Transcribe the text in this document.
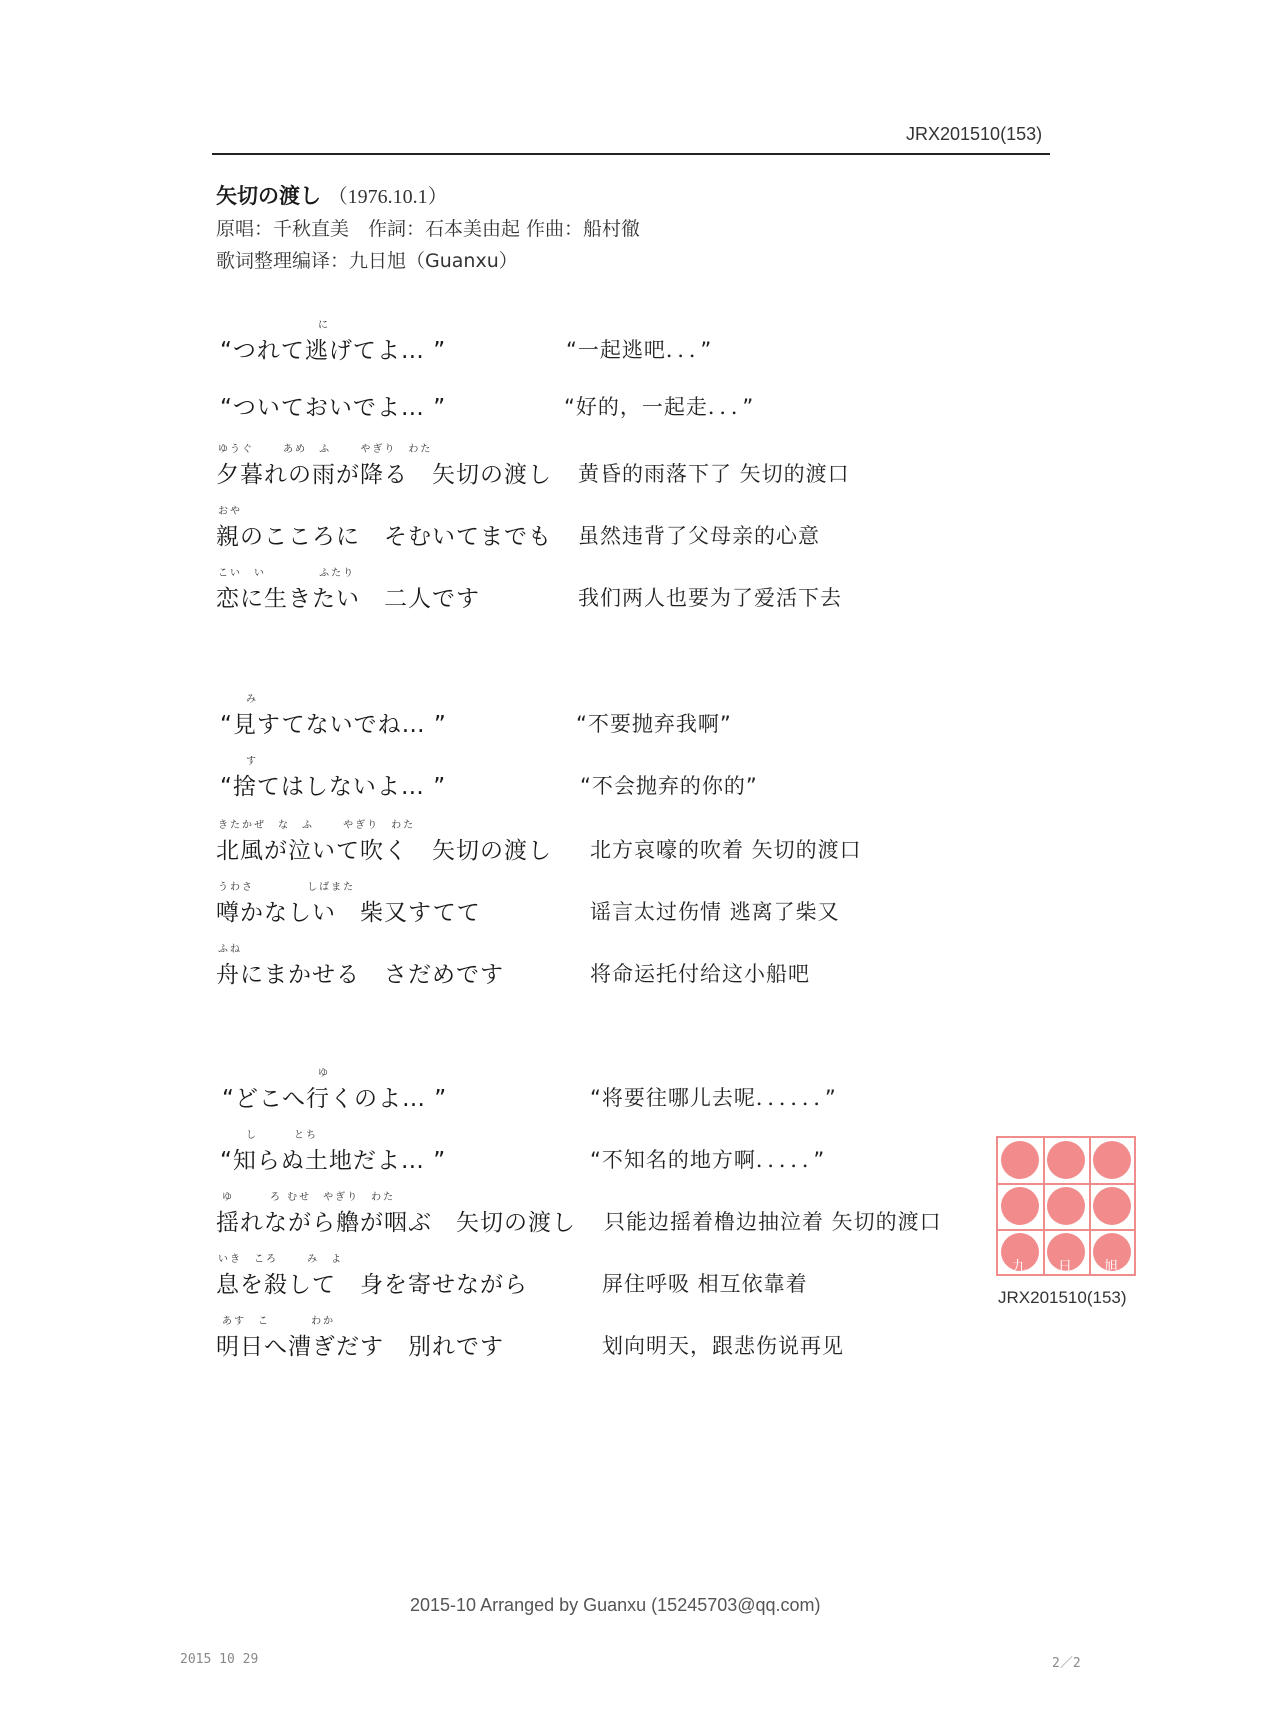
JRX201510(153)
矢切の渡し （1976.10.1）
原唱：千秋直美　作詞：石本美由起 作曲：船村徹
歌词整理编译：九日旭（Guanxu）
に
“つれて逃げてよ… ”	“一起逃吧．．．”
“ついておいでよ… ”	“好的，一起走．．．”
ゆうぐ　　 あめ　ふ　　 やぎり　わた
夕暮れの雨が降る　矢切の渡し 黄昏的雨落下了 矢切的渡口
おや
親のこころに　そむいてまでも 虽然违背了父母亲的心意
こい　い　　　　 ふたり
恋に生きたい　二人です	我们两人也要为了爱活下去
み
“見すてないでね… ”	“不要抛弃我啊”
す
“捨てはしないよ… ”	“不会抛弃的你的”
きたかぜ　な　ふ　　 やぎり　わた
北風が泣いて吹く　矢切の渡し 北方哀嚎的吹着 矢切的渡口
うわさ　　　　 しばまた
噂かなしい　柴又すてて	谣言太过伤情 逃离了柴又
ふね
舟にまかせる　さだめです	将命运托付给这小船吧
ゆ
“どこへ行くのよ… ”	“将要往哪儿去呢．．．．．．”
し　　　とち
“知らぬ土地だよ… ”	“不知名的地方啊．．．．．”
ゆ　　　ろ むせ　やぎり　わた
揺れながら艪が咽ぶ　矢切の渡し 只能边摇着橹边抽泣着 矢切的渡口
いき　ころ　　 み　よ
息を殺して　身を寄せながら	屏住呼吸 相互依靠着
あす　こ　　　 わか
明日へ漕ぎだす　別れです	划向明天，跟悲伤说再见
九 日 旭
JRX201510(153)
2015-10 Arranged by Guanxu (15245703@qq.com)
2015 10 29	2／2
